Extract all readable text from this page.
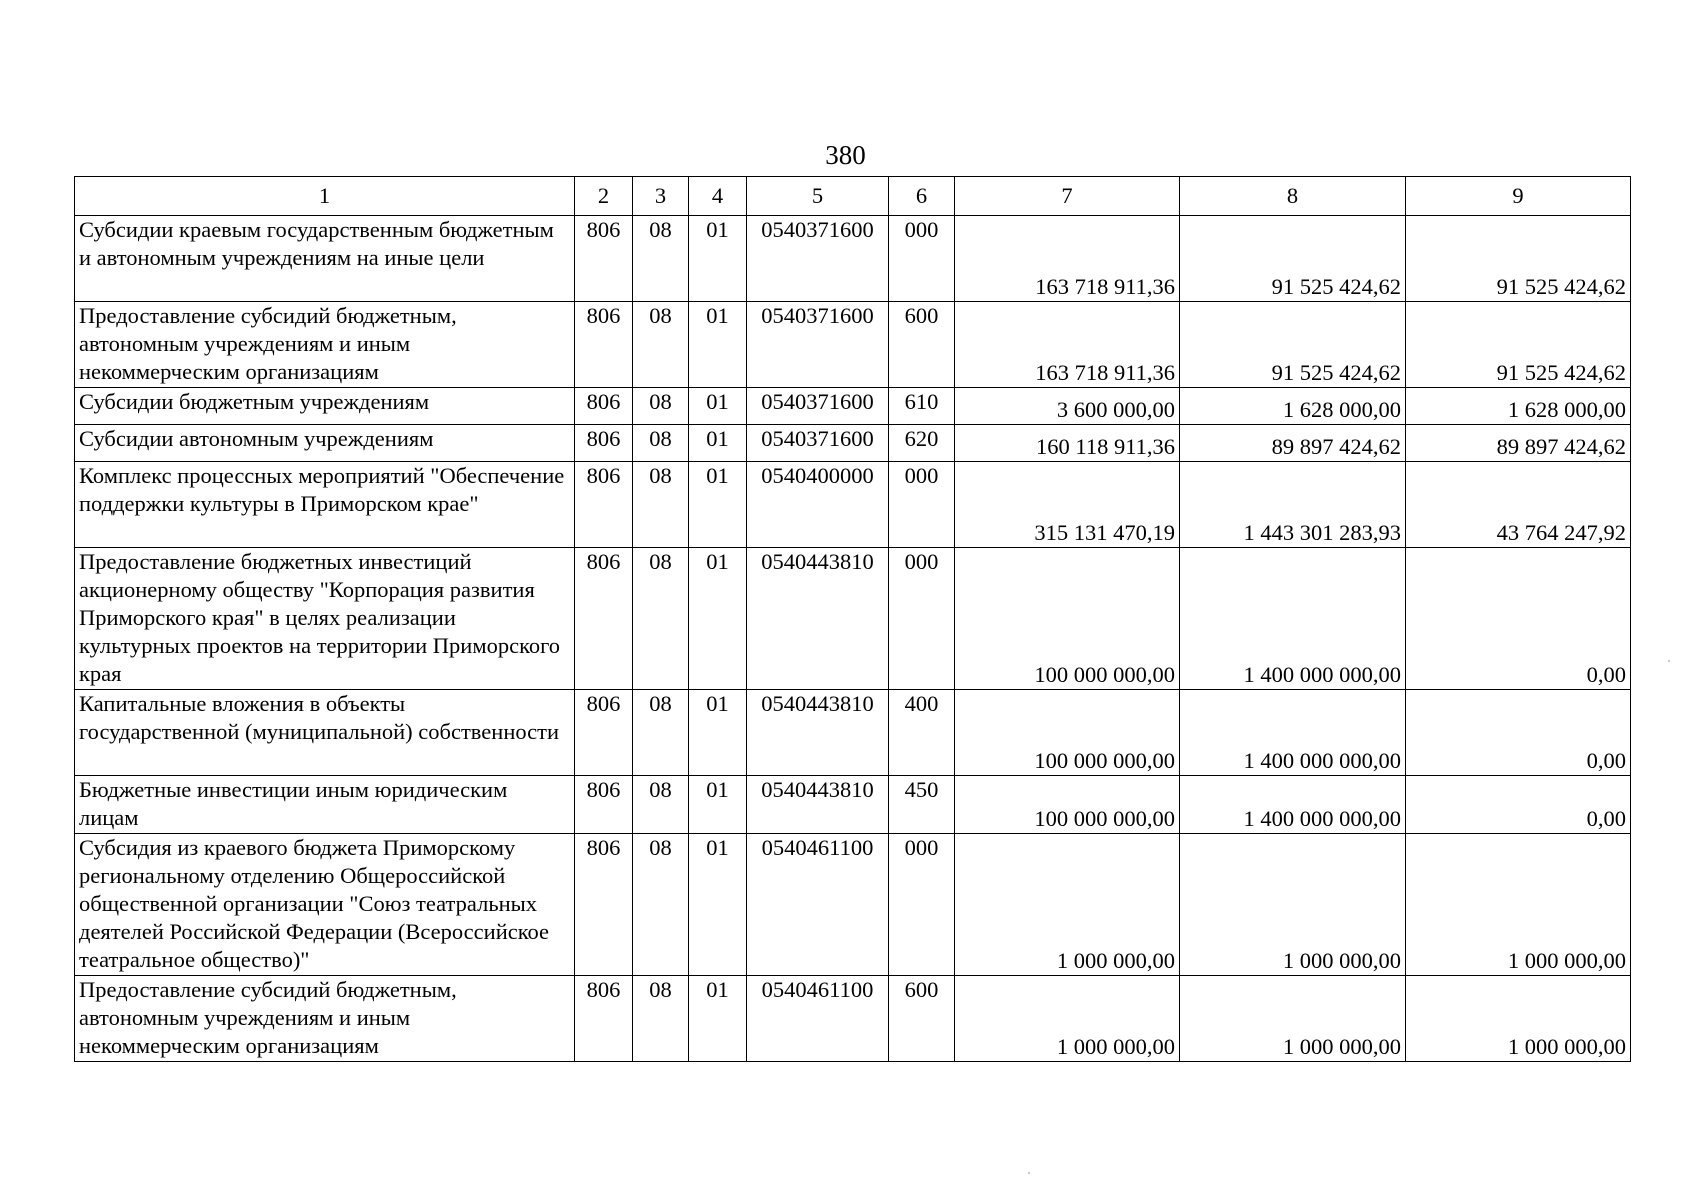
380
1	2	3	4	5	6	7	8	9
Субсидии краевым государственным бюджетным и автономным учреждениям на иные цели	806	08	01	0540371600	000	163 718 911,36	91 525 424,62	91 525 424,62
Предоставление субсидий бюджетным, автономным учреждениям и иным некоммерческим организациям	806	08	01	0540371600	600	163 718 911,36	91 525 424,62	91 525 424,62
Субсидии бюджетным учреждениям	806	08	01	0540371600	610	3 600 000,00	1 628 000,00	1 628 000,00
Субсидии автономным учреждениям	806	08	01	0540371600	620	160 118 911,36	89 897 424,62	89 897 424,62
Комплекс процессных мероприятий "Обеспечение поддержки культуры в Приморском крае"	806	08	01	0540400000	000	315 131 470,19	1 443 301 283,93	43 764 247,92
Предоставление бюджетных инвестиций акционерному обществу "Корпорация развития Приморского края" в целях реализации культурных проектов на территории Приморского края	806	08	01	0540443810	000	100 000 000,00	1 400 000 000,00	0,00
Капитальные вложения в объекты государственной (муниципальной) собственности	806	08	01	0540443810	400	100 000 000,00	1 400 000 000,00	0,00
Бюджетные инвестиции иным юридическим лицам	806	08	01	0540443810	450	100 000 000,00	1 400 000 000,00	0,00
Субсидия из краевого бюджета Приморскому региональному отделению Общероссийской общественной организации "Союз театральных деятелей Российской Федерации (Всероссийское театральное общество)"	806	08	01	0540461100	000	1 000 000,00	1 000 000,00	1 000 000,00
Предоставление субсидий бюджетным, автономным учреждениям и иным некоммерческим организациям	806	08	01	0540461100	600	1 000 000,00	1 000 000,00	1 000 000,00
